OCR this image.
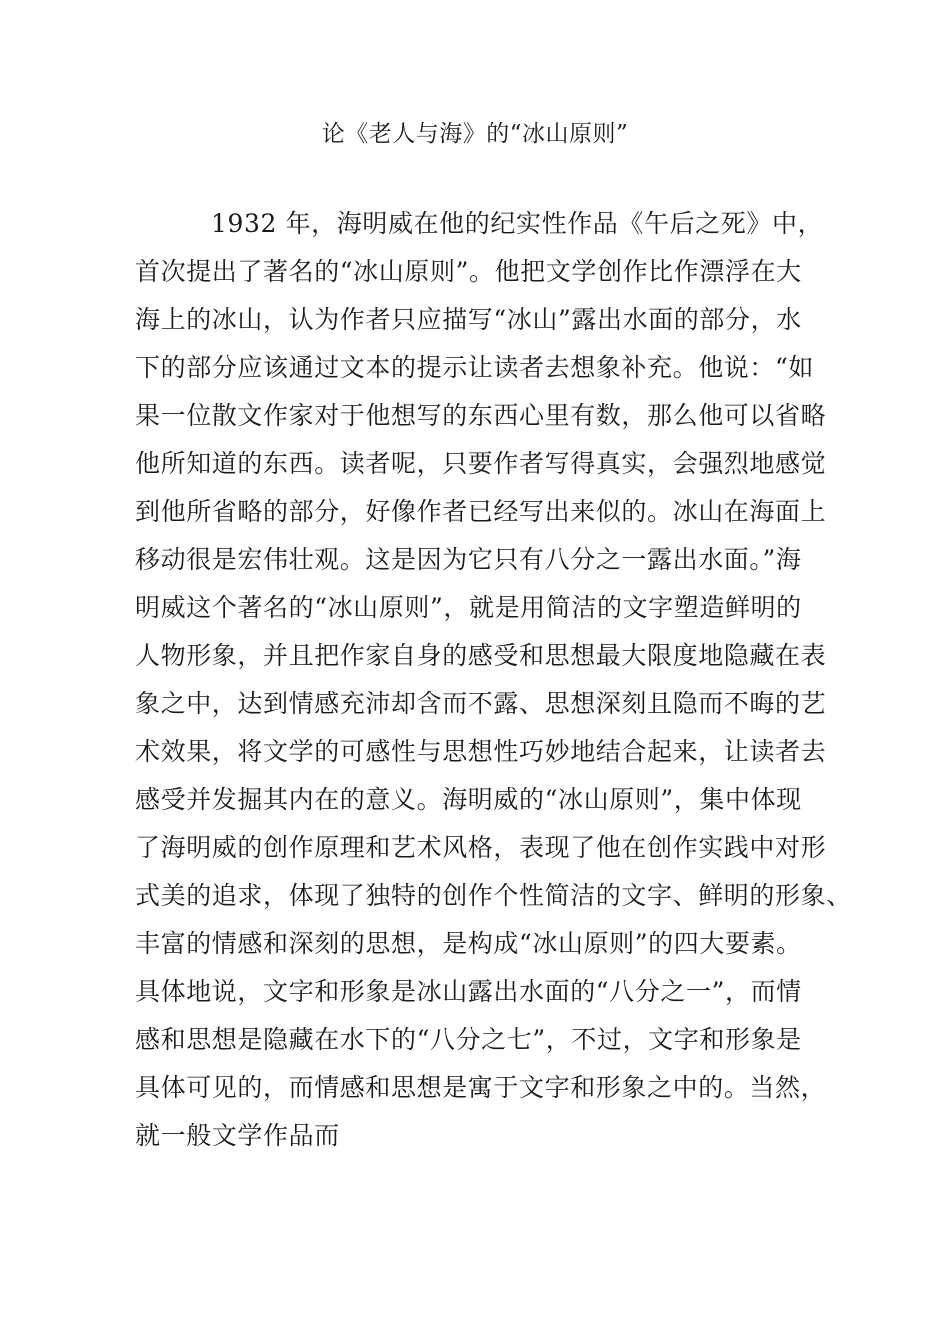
论《老人与海》的“冰山原则”
1932 年，海明威在他的纪实性作品《午后之死》中，
首次提出了著名的“冰山原则”。他把文学创作比作漂浮在大
海上的冰山，认为作者只应描写“冰山”露出水面的部分，水
下的部分应该通过文本的提示让读者去想象补充。他说：“如
果一位散文作家对于他想写的东西心里有数，那么他可以省略
他所知道的东西。读者呢，只要作者写得真实，会强烈地感觉
到他所省略的部分，好像作者已经写出来似的。冰山在海面上
移动很是宏伟壮观。这是因为它只有八分之一露出水面。”海
明威这个著名的“冰山原则”，就是用简洁的文字塑造鲜明的
人物形象，并且把作家自身的感受和思想最大限度地隐藏在表
象之中，达到情感充沛却含而不露、思想深刻且隐而不晦的艺
术效果，将文学的可感性与思想性巧妙地结合起来，让读者去
感受并发掘其内在的意义。海明威的“冰山原则”，集中体现
了海明威的创作原理和艺术风格，表现了他在创作实践中对形
式美的追求，体现了独特的创作个性简洁的文字、鲜明的形象、
丰富的情感和深刻的思想，是构成“冰山原则”的四大要素。
具体地说，文字和形象是冰山露出水面的“八分之一”，而情
感和思想是隐藏在水下的“八分之七”，不过，文字和形象是
具体可见的，而情感和思想是寓于文字和形象之中的。当然，
就一般文学作品而
